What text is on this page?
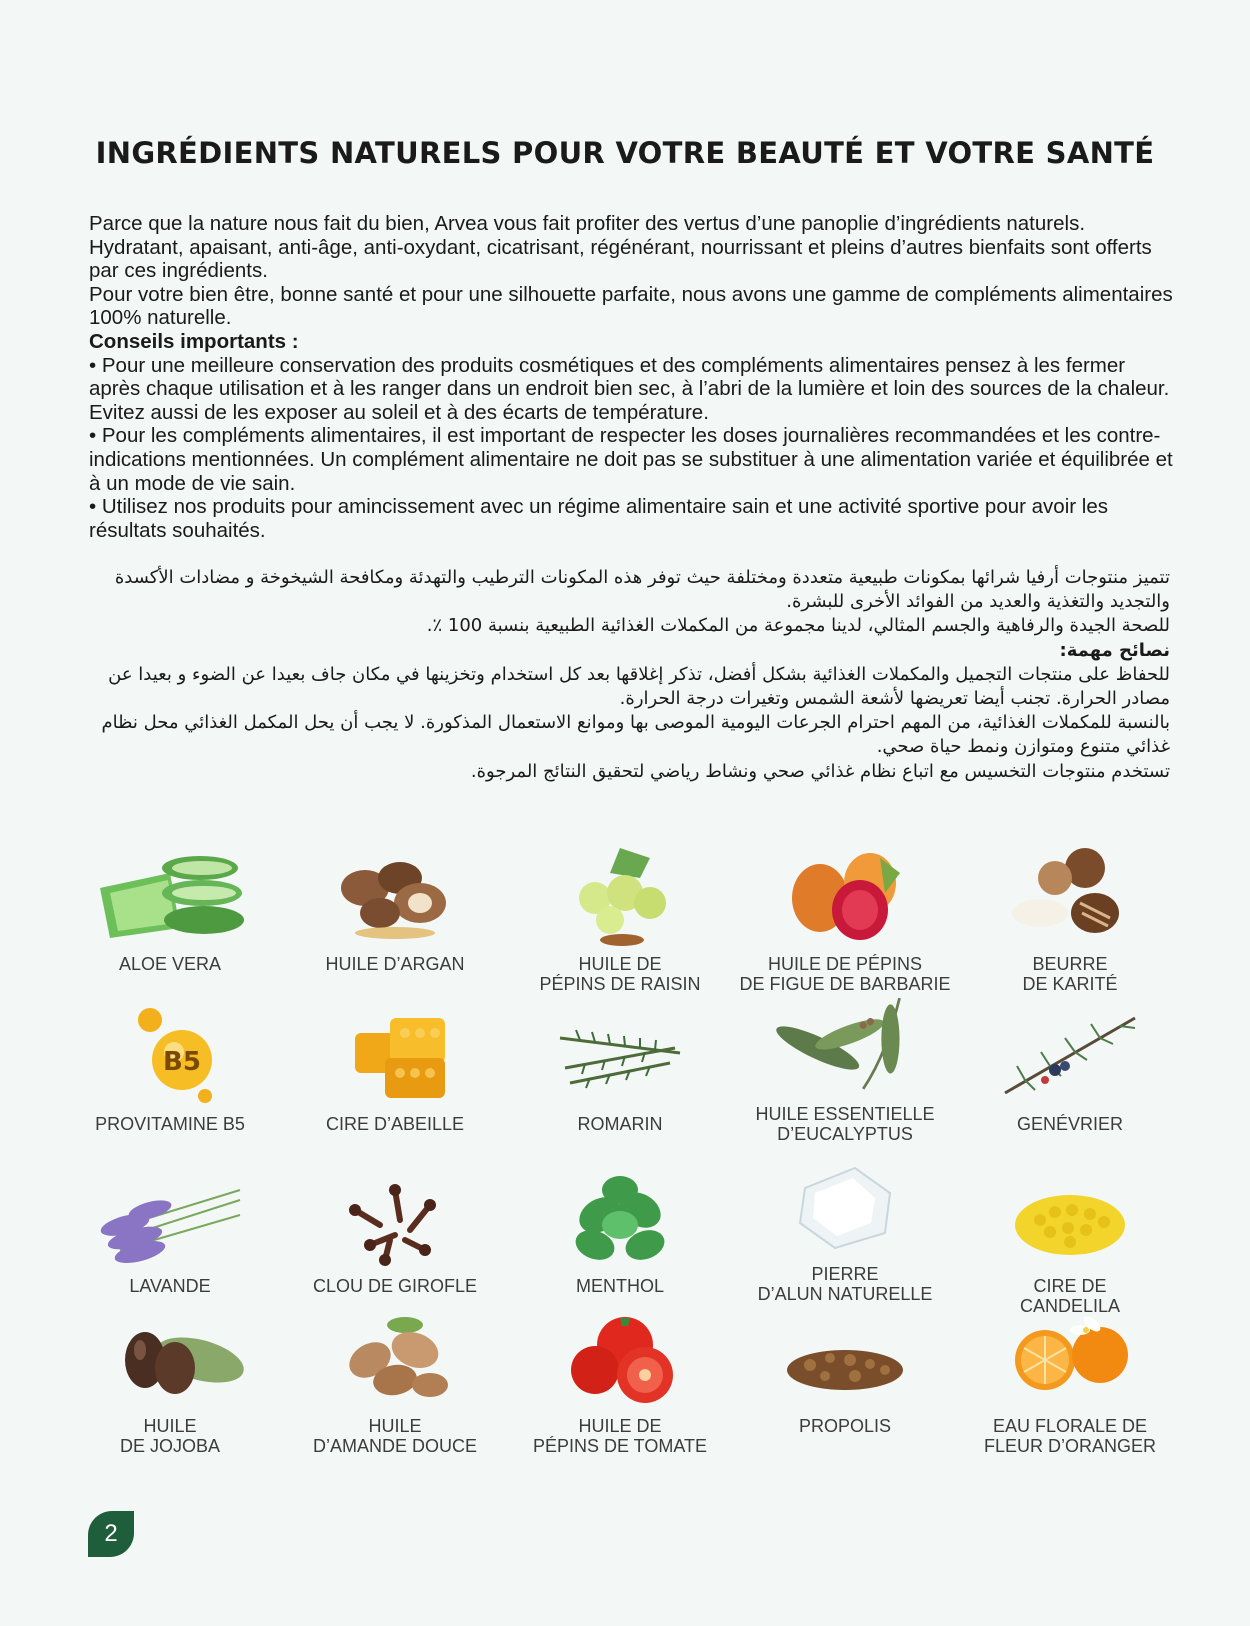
INGRÉDIENTS NATURELS POUR VOTRE BEAUTÉ ET VOTRE SANTÉ

Parce que la nature nous fait du bien, Arvea vous fait profiter des vertus d’une panoplie d’ingrédients naturels. Hydratant, apaisant, anti-âge, anti-oxydant, cicatrisant, régénérant, nourrissant et pleins d’autres bienfaits sont offerts par ces ingrédients.

Pour votre bien être, bonne santé et pour une silhouette parfaite, nous avons une gamme de compléments alimentaires 100% naturelle.

Conseils importants :

• Pour une meilleure conservation des produits cosmétiques et des compléments alimentaires pensez à les fermer après chaque utilisation et à les ranger dans un endroit bien sec, à l’abri de la lumière et loin des sources de la chaleur. Evitez aussi de les exposer au soleil et à des écarts de température.

• Pour les compléments alimentaires, il est important de respecter les doses journalières recommandées et les contre-indications mentionnées. Un complément alimentaire ne doit pas se substituer à une alimentation variée et équilibrée et à un mode de vie sain.

• Utilisez nos produits pour amincissement avec un régime alimentaire sain et une activité sportive pour avoir les résultats souhaités.

تتميز منتوجات أرفيا شرائها بمكونات طبيعية متعددة ومختلفة حيث توفر هذه المكونات الترطيب والتهدئة ومكافحة الشيخوخة و مضادات الأكسدة والتجديد والتغذية والعديد من الفوائد الأخرى للبشرة.

للصحة الجيدة والرفاهية والجسم المثالي، لدينا مجموعة من المكملات الغذائية الطبيعية بنسبة 100 ٪.

نصائح مهمة:

للحفاظ على منتجات التجميل والمكملات الغذائية بشكل أفضل، تذكر إغلاقها بعد كل استخدام وتخزينها في مكان جاف بعيدا عن الضوء و بعيدا عن مصادر الحرارة. تجنب أيضا تعريضها لأشعة الشمس وتغيرات درجة الحرارة.

بالنسبة للمكملات الغذائية، من المهم احترام الجرعات اليومية الموصى بها وموانع الاستعمال المذكورة. لا يجب أن يحل المكمل الغذائي محل نظام غذائي متنوع ومتوازن ونمط حياة صحي.

تستخدم منتوجات التخسيس مع اتباع نظام غذائي صحي ونشاط رياضي لتحقيق النتائج المرجوة.

ALOE VERA	HUILE D’ARGAN	HUILE DE
PÉPINS DE RAISIN
HUILE DE PÉPINS
DE FIGUE DE BARBARIE
BEURRE
DE KARITÉ
B5
PROVITAMINE B5	CIRE D’ABEILLE	ROMARIN	HUILE ESSENTIELLE
D’EUCALYPTUS	GENÉVRIER
LAVANDE	CLOU DE GIROFLE	MENTHOL
PIERRE
D’ALUN NATURELLE	CIRE DE
CANDELILA
HUILE
DE JOJOBA
HUILE
D’AMANDE DOUCE
HUILE DE
PÉPINS DE TOMATE
PROPOLIS	EAU FLORALE DE
FLEUR D’ORANGER
2
